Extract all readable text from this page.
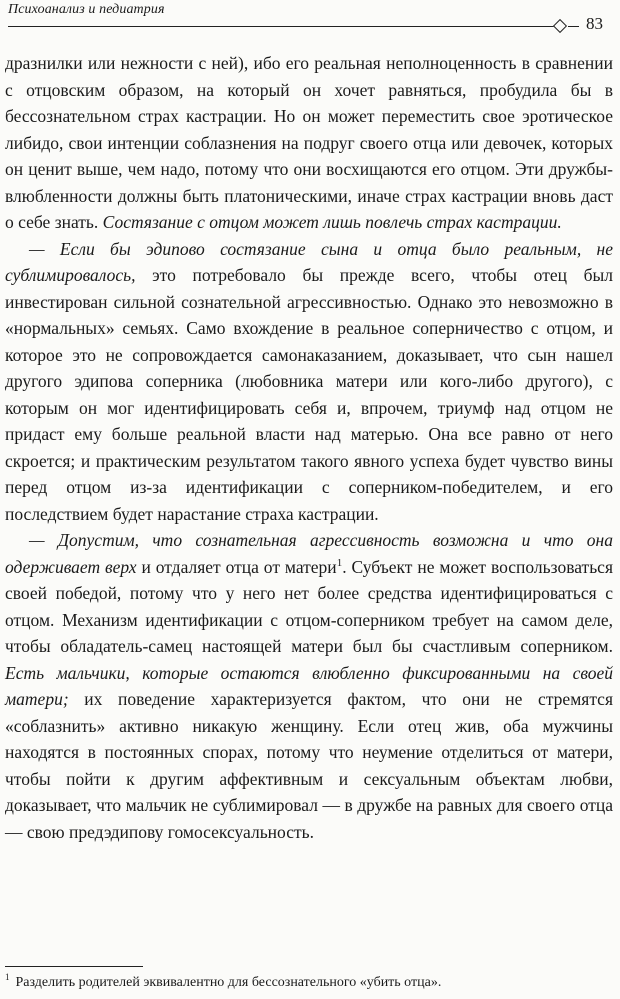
Психоанализ и педиатрия
83

дразнилки или нежности с ней), ибо его реальная неполноценность в сравнении с отцовским образом, на который он хочет равняться, пробудила бы в бессознательном страх кастрации. Но он может переместить свое эротическое либидо, свои интенции соблазнения на подруг своего отца или девочек, которых он ценит выше, чем надо, потому что они восхищаются его отцом. Эти дружбы-влюбленности должны быть платоническими, иначе страх кастрации вновь даст о себе знать. Состязание с отцом может лишь повлечь страх кастрации.

— Если бы эдипово состязание сына и отца было реальным, не сублимировалось, это потребовало бы прежде всего, чтобы отец был инвестирован сильной сознательной агрессивностью. Однако это невозможно в «нормальных» семьях. Само вхождение в реальное соперничество с отцом, и которое это не сопровождается самонаказанием, доказывает, что сын нашел другого эдипова соперника (любовника матери или кого-либо другого), с которым он мог идентифицировать себя и, впрочем, триумф над отцом не придаст ему больше реальной власти над матерью. Она все равно от него скроется; и практическим результатом такого явного успеха будет чувство вины перед отцом из-за идентификации с соперником-победителем, и его последствием будет нарастание страха кастрации.

— Допустим, что сознательная агрессивность возможна и что она одерживает верх и отдаляет отца от матери$^1$. Субъект не может воспользоваться своей победой, потому что у него нет более средства идентифицироваться с отцом. Механизм идентификации с отцом-соперником требует на самом деле, чтобы обладатель-самец настоящей матери был бы счастливым соперником. Есть мальчики, которые остаются влюбленно фиксированными на своей матери; их поведение характеризуется фактом, что они не стремятся «соблазнить» активно никакую женщину. Если отец жив, оба мужчины находятся в постоянных спорах, потому что неумение отделиться от матери, чтобы пойти к другим аффективным и сексуальным объектам любви, доказывает, что мальчик не сублимировал — в дружбе на равных для своего отца — свою предэдипову гомосексуальность.

$^1$ Разделить родителей эквивалентно для бессознательного «убить отца».
